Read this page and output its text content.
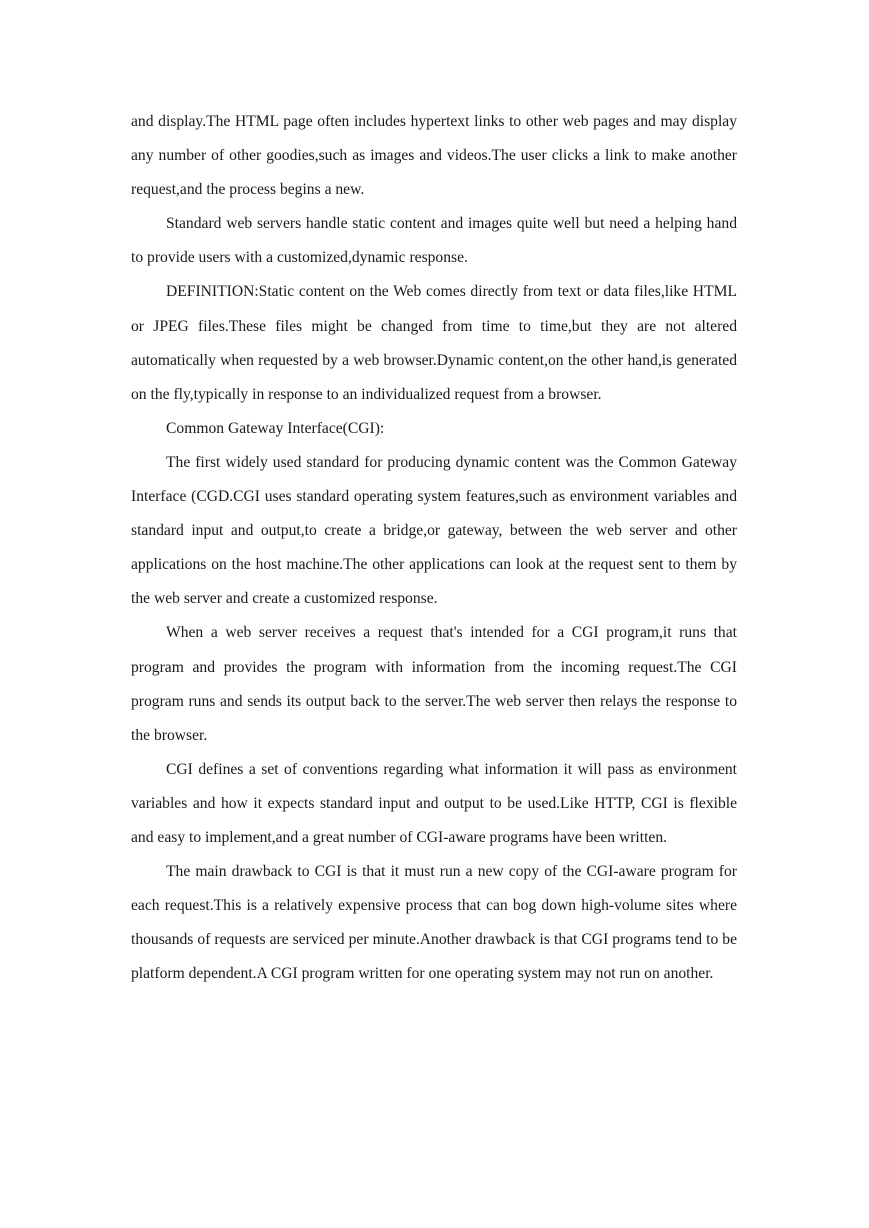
and display.The HTML page often includes hypertext links to other web pages and may display any number of other goodies,such as images and videos.The user clicks a link to make another request,and the process begins a new.

Standard web servers handle static content and images quite well but need a helping hand to provide users with a customized,dynamic response.

DEFINITION:Static content on the Web comes directly from text or data files,like HTML or JPEG files.These files might be changed from time to time,but they are not altered automatically when requested by a web browser.Dynamic content,on the other hand,is generated on the fly,typically in response to an individualized request from a browser.

Common Gateway Interface(CGI):

The first widely used standard for producing dynamic content was the Common Gateway Interface (CGD.CGI uses standard operating system features,such as environment variables and standard input and output,to create a bridge,or gateway, between the web server and other applications on the host machine.The other applications can look at the request sent to them by the web server and create a customized response.

When a web server receives a request that's intended for a CGI program,it runs that program and provides the program with information from the incoming request.The CGI program runs and sends its output back to the server.The web server then relays the response to the browser.

CGI defines a set of conventions regarding what information it will pass as environment variables and how it expects standard input and output to be used.Like HTTP, CGI is flexible and easy to implement,and a great number of CGI-aware programs have been written.

The main drawback to CGI is that it must run a new copy of the CGI-aware program for each request.This is a relatively expensive process that can bog down high-volume sites where thousands of requests are serviced per minute.Another drawback is that CGI programs tend to be platform dependent.A CGI program written for one operating system may not run on another.
